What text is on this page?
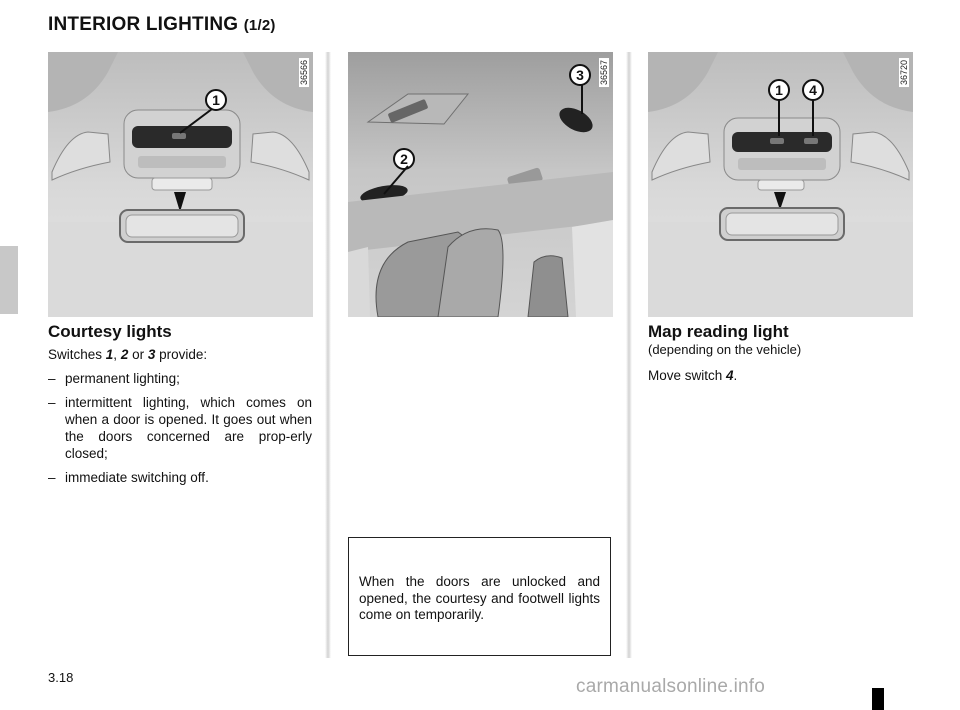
INTERIOR LIGHTING (1/2)
36566
1
36567
2
3	36720
1	4
Courtesy lights

Switches 1, 2 or 3 provide:

– permanent lighting;
– intermittent lighting, which comes on when a door is opened. It goes out when the doors concerned are prop-erly closed;
– immediate switching off.

When the doors are unlocked and opened, the courtesy and footwell lights come on temporarily.

Map reading light

(depending on the vehicle)

Move switch 4.

3.18	carmanualsonline.info
